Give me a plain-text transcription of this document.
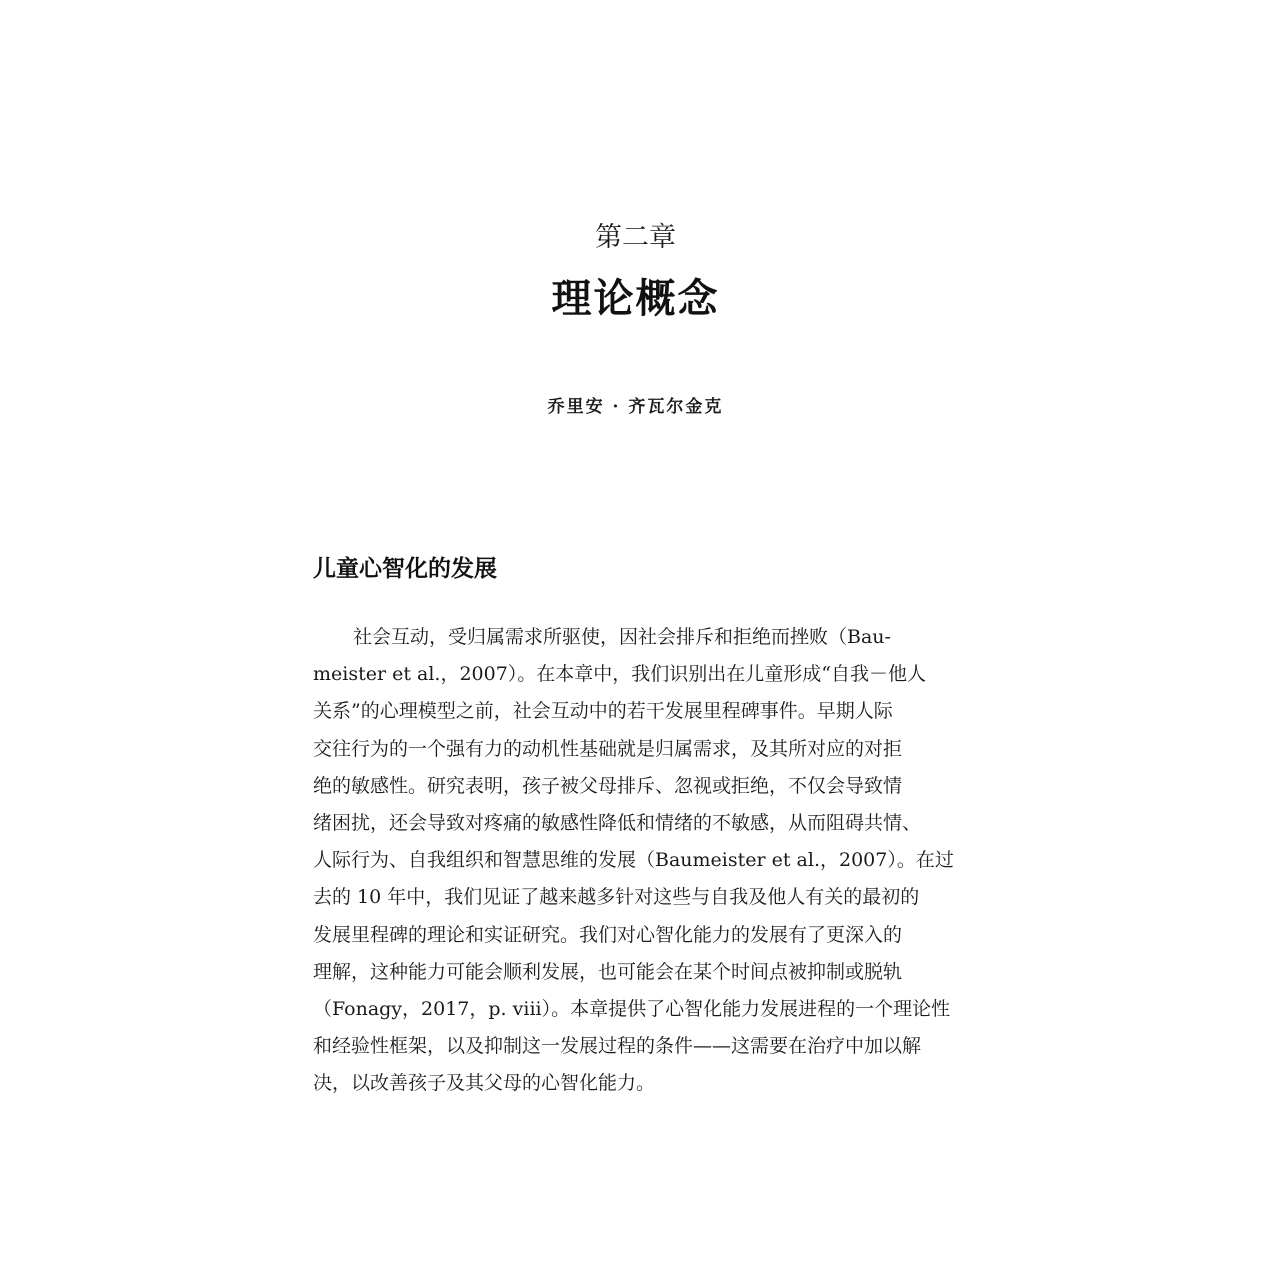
第二章
理论概念
乔里安 · 齐瓦尔金克
儿童心智化的发展
社会互动，受归属需求所驱使，因社会排斥和拒绝而挫败（Bau-
meister et al.，2007）。在本章中，我们识别出在儿童形成“自我－他人
关系”的心理模型之前，社会互动中的若干发展里程碑事件。早期人际
交往行为的一个强有力的动机性基础就是归属需求，及其所对应的对拒
绝的敏感性。研究表明，孩子被父母排斥、忽视或拒绝，不仅会导致情
绪困扰，还会导致对疼痛的敏感性降低和情绪的不敏感，从而阻碍共情、
人际行为、自我组织和智慧思维的发展（Baumeister et al.，2007）。在过
去的 10 年中，我们见证了越来越多针对这些与自我及他人有关的最初的
发展里程碑的理论和实证研究。我们对心智化能力的发展有了更深入的
理解，这种能力可能会顺利发展，也可能会在某个时间点被抑制或脱轨
（Fonagy，2017，p. viii）。本章提供了心智化能力发展进程的一个理论性
和经验性框架，以及抑制这一发展过程的条件——这需要在治疗中加以解
决，以改善孩子及其父母的心智化能力。
